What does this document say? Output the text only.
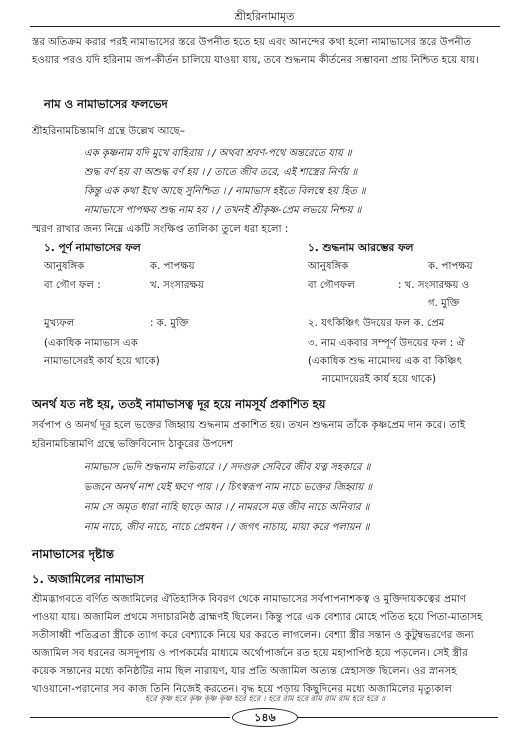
শ্রীহরিনামামৃত
স্তর অতিক্রম করার পরই নামাভাসের স্তরে উপনীত হতে হয় এবং আনন্দের কথা হলো নামাভাসের স্তরে উপনীত
হওয়ার পরও যদি হরিনাম জপ-কীর্তন চালিয়ে যাওয়া যায়, তবে শুদ্ধনাম কীর্তনের সম্ভাবনা প্রায় নিশ্চিত হয়ে যায়।
নাম ও নামাভাসের ফলভেদ
শ্রীহরিনামচিন্তামণি গ্রন্থে উল্লেখ আছে–
এক কৃষ্ণনাম যদি মুখে বাহিরায় । / অথবা শ্রবণ-পথে অন্তরেতে যায় ॥
শুদ্ধ বর্ণ হয় বা অশুদ্ধ বর্ণ হয় । / তাতে জীব তরে, এই শাস্ত্রের নির্ণয় ॥
কিন্তু এক কথা ইথে আছে সুনিশ্চিত । / নামাভাস হইতে বিলম্বে হয় হিত ॥
নামাভাসে পাপক্ষয় শুদ্ধ নাম হয় । / তখনই শ্রীকৃষ্ণ-প্রেম লভয়ে নিশ্চয় ॥
স্মরণ রাখার জন্য নিম্নে একটি সংক্ষিপ্ত তালিকা তুলে ধরা হলো :
১. পূর্ণ নামাভাসের ফল
আনুষঙ্গিক	ক. পাপক্ষয়
বা গৌণ ফল :	খ. সংসারক্ষয়
মুখ্যফল	: ক. মুক্তি
(একাধিক নামাভাস এক
নামাভাসেরই কার্য হয়ে থাকে)
১. শুদ্ধনাম আরম্ভের ফল
আনুষঙ্গিক	ক. পাপক্ষয়
বা গৌণফল	: খ. সংসারক্ষয় ও
গ. মুক্তি
২. যৎকিঞ্চিৎ উদয়ের ফল ক. প্রেম
৩. নাম একবার সম্পূর্ণ উদয়ের ফল : ঐ
(একাধিক শুদ্ধ নামোদয় এক বা কিঞ্চিৎ
নামোদয়েরই কার্য হয়ে থাকে)
অনর্থ যত নষ্ট হয়, ততই নামাভাসত্ব দূর হয়ে নামসূর্য প্রকাশিত হয়
সর্বপাপ ও অনর্থ দূর হলে ভক্তের জিহ্বায় শুদ্ধনাম প্রকাশিত হয়। তখন শুদ্ধনাম তাঁকে কৃষ্ণপ্রেম দান করে। তাই
হরিনামচিন্তামণি গ্রন্থে ভক্তিবিনোদ ঠাকুরের উপদেশ
নামাভাস ভেদি শুদ্ধনাম লভিবারে । / সদগুরু সেবিবে জীব যত্ন সহকারে ॥
ভজনে অনর্থ নাশ যেই ক্ষণে পায় । / চিৎস্বরূপ নাম নাচে ভক্তের জিহ্বায় ॥
নাম সে অমৃত ধারা নাহি ছাড়ে আর । / নামরসে মত্ত জীব নাচে অনিবার ॥
নাম নাচে, জীব নাচে, নাচে প্রেমধন । / জগৎ নাচায়, মায়া করে পলায়ন ॥
নামাভাসের দৃষ্টান্ত
১. অজামিলের নামাভাস
শ্রীমদ্ভাগবতে বর্ণিত অজামিলের ঐতিহাসিক বিবরণ থেকে নামাভাসের সর্বপাপনাশকত্ব ও মুক্তিদায়কত্বের প্রমাণ
পাওয়া যায়। অজামিল প্রথমে সদাচারনিষ্ঠ ব্রাহ্মণই ছিলেন। কিন্তু পরে এক বেশ্যার মোহে পতিত হয়ে পিতা-মাতাসহ
সতীসাধ্বী পতিব্রতা স্ত্রীকে ত্যাগ করে বেশ্যাকে নিয়ে ঘর করতে লাগলেন। বেশ্যা স্ত্রীর সন্তান ও কুটুম্বভরণের জন্য
অজামিল সব ধরনের অসদুপায় ও পাপকর্মের মাধ্যমে অর্থোপার্জনে রত হয়ে মহাপাপিষ্ঠ হয়ে পড়লেন। সেই স্ত্রীর
কয়েক সন্তানের মধ্যে কনিষ্ঠটির নাম ছিল নারায়ণ, যার প্রতি অজামিল অত্যন্ত স্নেহাসক্ত ছিলেন। ওর স্নানসহ
খাওয়ানো-পরানোর সব কাজ তিনি নিজেই করতেন। বৃদ্ধ হয়ে পড়ায় কিছুদিনের মধ্যে অজামিলের মৃত্যুকাল
হরে কৃষ্ণ হরে কৃষ্ণ কৃষ্ণ কৃষ্ণ হরে হরে । হরে রাম হরে রাম রাম রাম হরে হরে ॥
১৪৬
